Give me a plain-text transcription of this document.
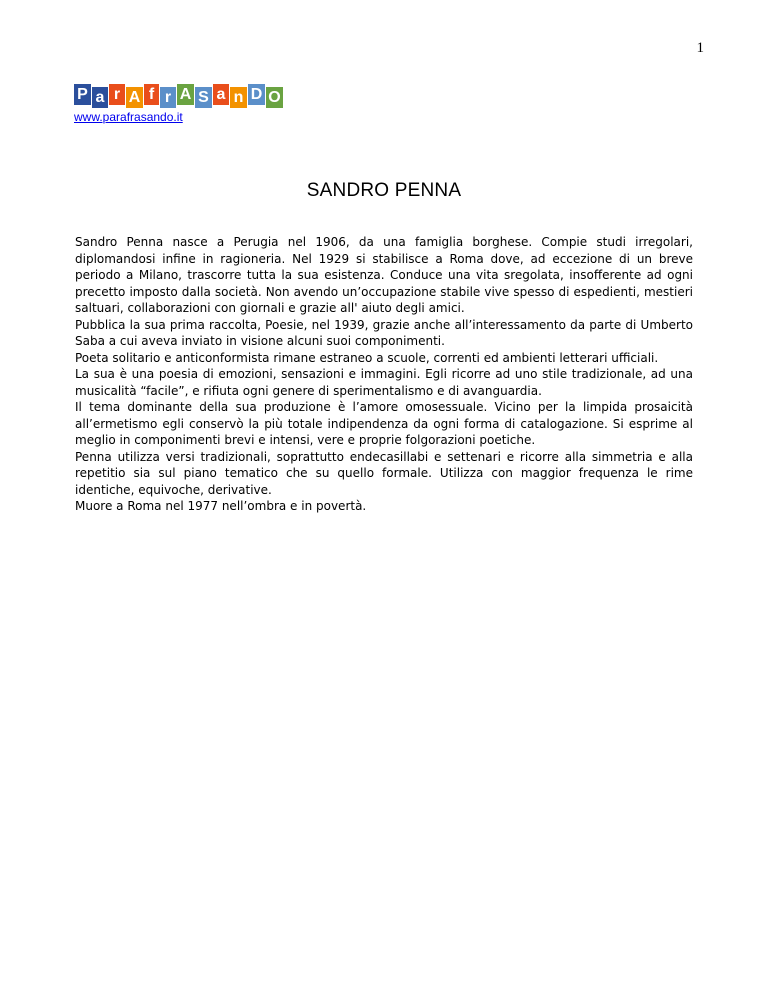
1
P a r A f r A S a n D O
www.parafrasando.it
SANDRO PENNA

Sandro Penna nasce a Perugia nel 1906, da una famiglia borghese. Compie studi irregolari, diplomandosi infine in ragioneria. Nel 1929 si stabilisce a Roma dove, ad eccezione di un breve periodo a Milano, trascorre tutta la sua esistenza. Conduce una vita sregolata, insofferente ad ogni precetto imposto dalla società. Non avendo un’occupazione stabile vive spesso di espedienti, mestieri saltuari, collaborazioni con giornali e grazie all' aiuto degli amici.

Pubblica la sua prima raccolta, Poesie, nel 1939, grazie anche all’interessamento da parte di Umberto Saba a cui aveva inviato in visione alcuni suoi componimenti.

Poeta solitario e anticonformista rimane estraneo a scuole, correnti ed ambienti letterari ufficiali.

La sua è una poesia di emozioni, sensazioni e immagini. Egli ricorre ad uno stile tradizionale, ad una musicalità “facile”, e rifiuta ogni genere di sperimentalismo e di avanguardia.

Il tema dominante della sua produzione è l’amore omosessuale. Vicino per la limpida prosaicità all’ermetismo egli conservò la più totale indipendenza da ogni forma di catalogazione. Si esprime al meglio in componimenti brevi e intensi, vere e proprie folgorazioni poetiche.

Penna utilizza versi tradizionali, soprattutto endecasillabi e settenari e ricorre alla simmetria e alla repetitio sia sul piano tematico che su quello formale. Utilizza con maggior frequenza le rime identiche, equivoche, derivative.

Muore a Roma nel 1977 nell’ombra e in povertà.
